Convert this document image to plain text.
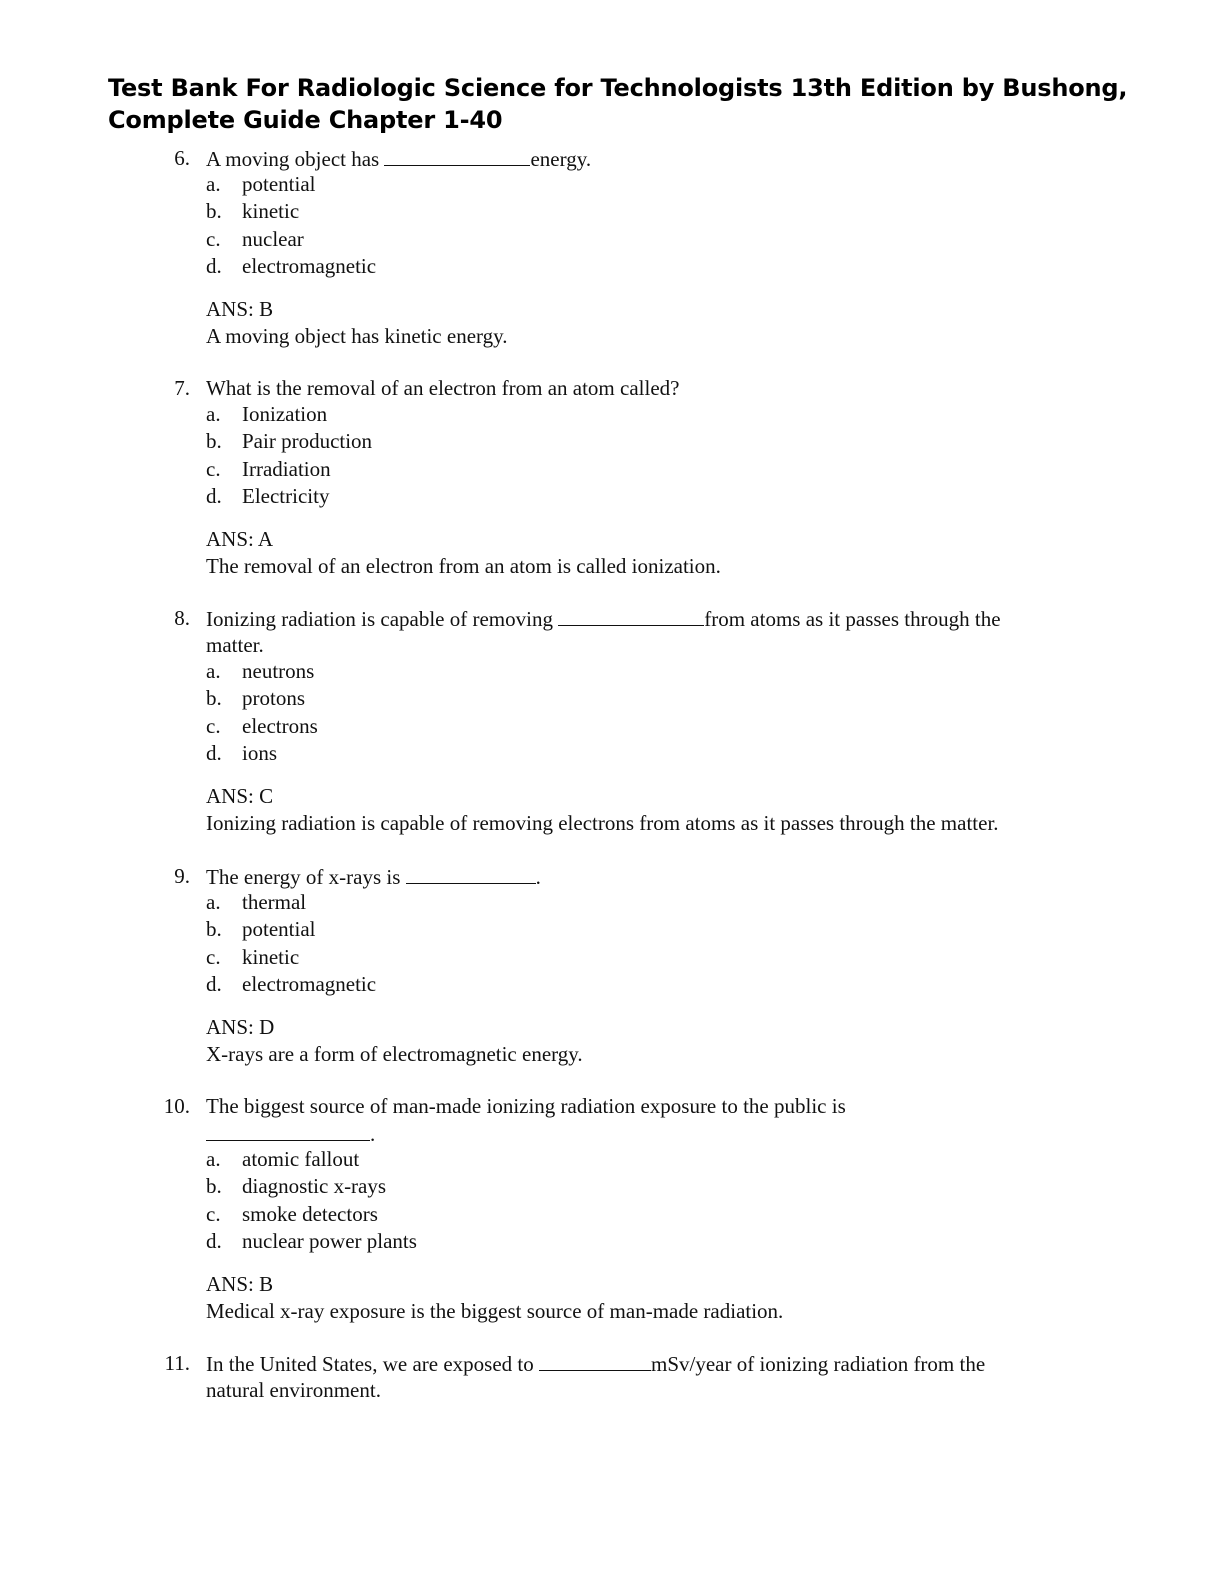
Test Bank For Radiologic Science for Technologists 13th Edition by Bushong,
Complete Guide Chapter 1-40
6. A moving object has	energy.
a. potential
b. kinetic
c. nuclear
d. electromagnetic
ANS: B
A moving object has kinetic energy.
7. What is the removal of an electron from an atom called?
a. Ionization
b. Pair production
c. Irradiation
d. Electricity
ANS: A
The removal of an electron from an atom is called ionization.
8. Ionizing radiation is capable of removing	from atoms as it passes through the
matter.
a. neutrons
b. protons
c. electrons
d. ions
ANS: C
Ionizing radiation is capable of removing electrons from atoms as it passes through the matter.
9. The energy of x-rays is	.
a. thermal
b. potential
c. kinetic
d. electromagnetic
ANS: D
X-rays are a form of electromagnetic energy.
10. The biggest source of man-made ionizing radiation exposure to the public is
.
a. atomic fallout
b. diagnostic x-rays
c. smoke detectors
d. nuclear power plants
ANS: B
Medical x-ray exposure is the biggest source of man-made radiation.
11. In the United States, we are exposed to	mSv/year of ionizing radiation from the
natural environment.
